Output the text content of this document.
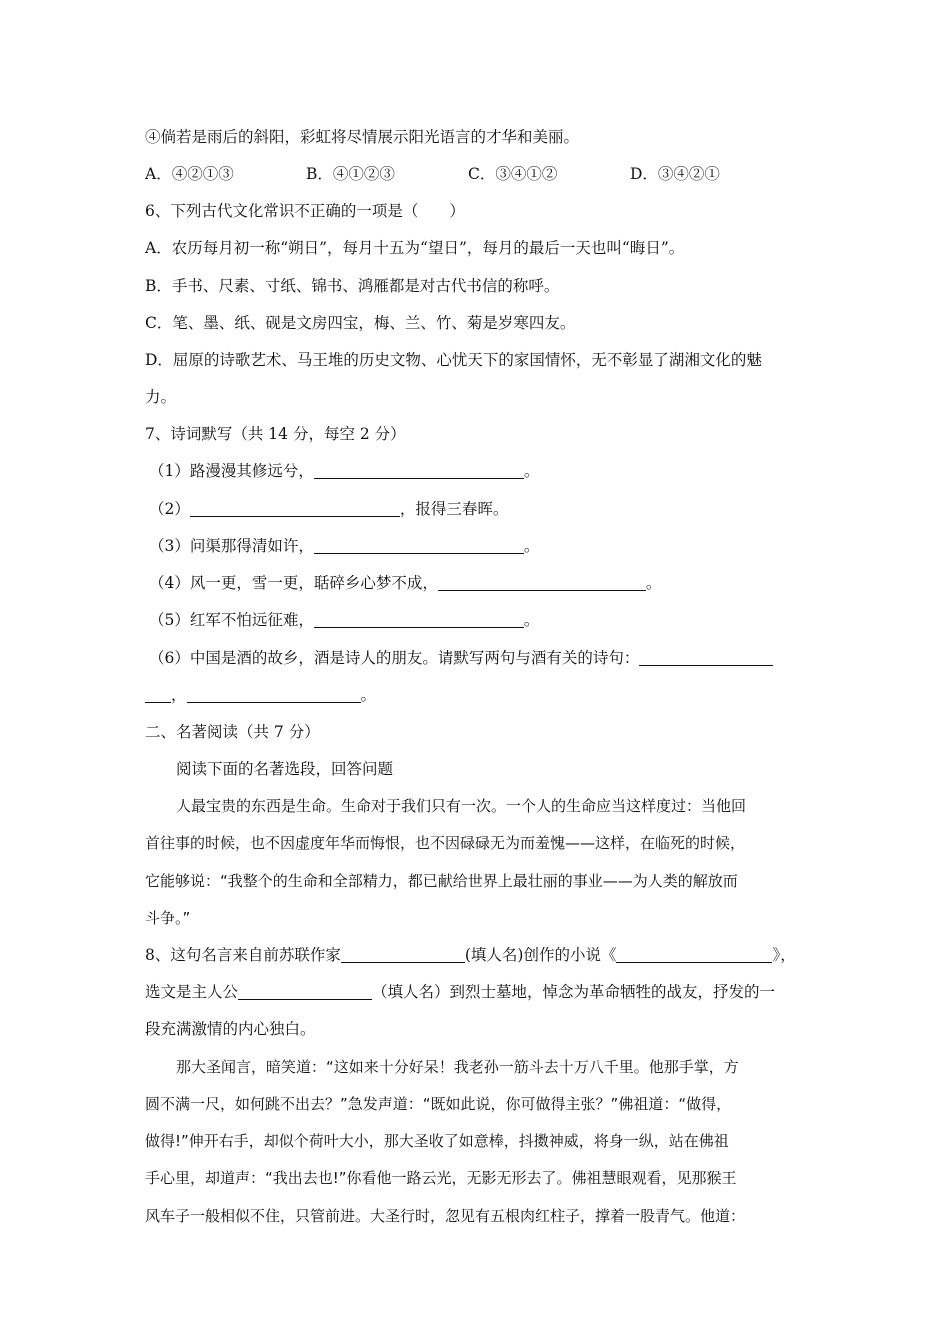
④倘若是雨后的斜阳，彩虹将尽情展示阳光语言的才华和美丽。
A．④②①③	B．④①②③	C．③④①②	D．③④②①
6、下列古代文化常识不正确的一项是（　　）
A．农历每月初一称“朔日”，每月十五为“望日”，每月的最后一天也叫“晦日”。
B．手书、尺素、寸纸、锦书、鸿雁都是对古代书信的称呼。
C．笔、墨、纸、砚是文房四宝，梅、兰、竹、菊是岁寒四友。
D．屈原的诗歌艺术、马王堆的历史文物、心忧天下的家国情怀，无不彰显了湖湘文化的魅
力。
7、诗词默写（共 14 分，每空 2 分）
（1）路漫漫其修远兮，	。
（2）	，报得三春晖。
（3）问渠那得清如许，	。
（4）风一更，雪一更，聒碎乡心梦不成，	。
（5）红军不怕远征难，	。
（6）中国是酒的故乡，酒是诗人的朋友。请默写两句与酒有关的诗句：
，	。
二、名著阅读（共 7 分）
阅读下面的名著选段，回答问题
人最宝贵的东西是生命。生命对于我们只有一次。一个人的生命应当这样度过：当他回
首往事的时候，也不因虚度年华而悔恨，也不因碌碌无为而羞愧——这样，在临死的时候，
它能够说：“我整个的生命和全部精力，都已献给世界上最壮丽的事业——为人类的解放而
斗争。”
8、这句名言来自前苏联作家	(填人名)创作的小说《	》，
选文是主人公	（填人名）到烈士墓地，悼念为革命牺牲的战友，抒发的一
段充满激情的内心独白。
那大圣闻言，暗笑道：“这如来十分好呆！我老孙一筋斗去十万八千里。他那手掌，方
圆不满一尺，如何跳不出去？”急发声道：“既如此说，你可做得主张？”佛祖道：“做得，
做得!”伸开右手，却似个荷叶大小，那大圣收了如意棒，抖擞神威，将身一纵，站在佛祖
手心里，却道声：“我出去也!”你看他一路云光，无影无形去了。佛祖慧眼观看，见那猴王
风车子一般相似不住，只管前进。大圣行时，忽见有五根肉红柱子，撑着一股青气。他道：
